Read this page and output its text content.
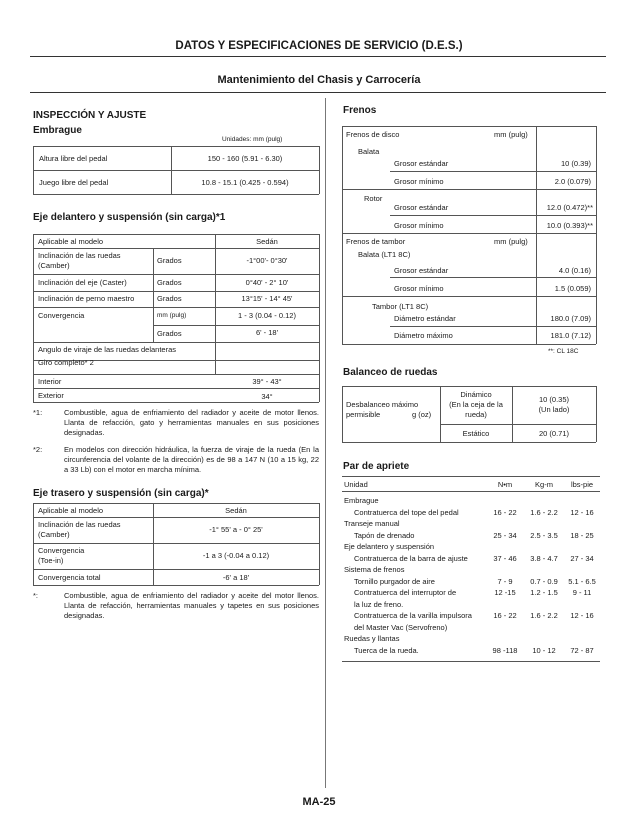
DATOS Y ESPECIFICACIONES DE SERVICIO (D.E.S.)
Mantenimiento del Chasis y Carrocería
INSPECCIÓN Y AJUSTE
Embrague
Unidades: mm (pulg)
Altura libre del pedal	150 - 160 (5.91 - 6.30)
Juego libre del pedal	10.8 - 15.1 (0.425 - 0.594)
Eje delantero y suspensión (sin carga)*1
Aplicable al modelo	Sedán
Inclinación de las ruedas
(Camber)
Grados	-1°00'- 0°30'
Inclinación del eje (Caster)	Grados	0°40' - 2° 10'
Inclinación de perno maestro	Grados	13°15' - 14° 45'
Convergencia	mm (pulg)	1 - 3 (0.04 - 0.12)
Grados	6' - 18'
Angulo de viraje de las ruedas delanteras
Giro completo* 2
Interior	39° - 43°
Exterior	34°
*1:	Combustible, agua de enfriamiento del radiador y aceite de motor llenos. Llanta de refacción, gato y herramientas manuales en sus posiciones designadas.
*2:	En modelos con dirección hidráulica, la fuerza de viraje de la rueda (En la circunferencia del volante de la dirección) es de 98 a 147 N (10 a 15 kg, 22 a 33 Lb) con el motor en marcha mínima.
Eje trasero y suspensión (sin carga)*
Aplicable al modelo	Sedán
Inclinación de las ruedas
(Camber)
-1° 55' a - 0° 25'
Convergencia
(Toe-in)
-1 a 3 (-0.04 a 0.12)
Convergencia total	-6' a 18'
*:	Combustible, agua de enfriamiento del radiador y aceite del motor llenos. Llanta de refacción, herramientas manuales y tapetes en sus posiciones designadas.
Frenos
Frenos de disco	mm (pulg)
Balata
Grosor estándar	10 (0.39)
Grosor mínimo	2.0 (0.079)
Rotor
Grosor estándar	12.0 (0.472)**
Grosor mínimo	10.0 (0.393)**
Frenos de tambor	mm (pulg)
Balata (LT1 8C)
Grosor estándar	4.0 (0.16)
Grosor mínimo	1.5 (0.059)
Tambor (LT1 8C)
Diámetro estándar	180.0 (7.09)
Diámetro máximo	181.0 (7.12)
**: CL 18C
Balanceo de ruedas
Desbalanceo máximo
permisible	g (oz)
Dinámico
(En la ceja de la
rueda)
10 (0.35)
(Un lado)
Estático	20 (0.71)
Par de apriete
Unidad	N•m	Kg-m	lbs-pie
Embrague
Contratuerca del tope del pedal	16 - 22	1.6 - 2.2	12 - 16
Transeje manual
Tapón de drenado	25 - 34	2.5 - 3.5	18 - 25
Eje delantero y suspensión
Contratuerca de la barra de ajuste	37 - 46	3.8 - 4.7	27 - 34
Sistema de frenos
Tornillo purgador de aire	7 - 9	0.7 - 0.9	5.1 - 6.5
Contratuerca del interruptor de	12 -15	1.2 - 1.5	9 - 11
la luz de freno.
Contratuerca de la varilla impulsora	16 - 22	1.6 - 2.2	12 - 16
del Master Vac (Servofreno)
Ruedas y llantas
Tuerca de la rueda.	98 -118	10 - 12	72 - 87
MA-25
